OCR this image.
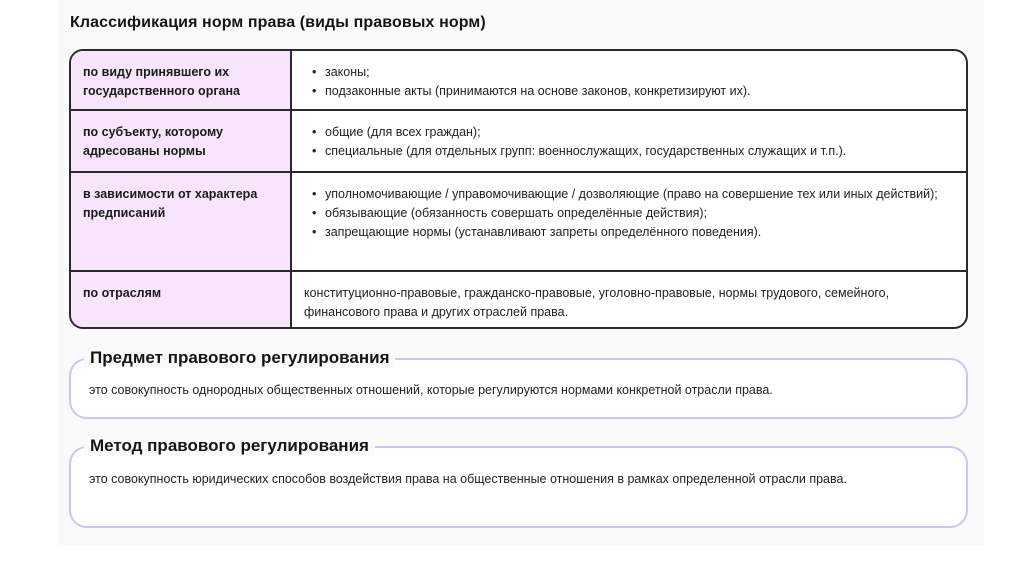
Классификация норм права (виды правовых норм)
по виду принявшего их государственного органа
• законы;
• подзаконные акты (принимаются на основе законов, конкретизируют их).
по субъекту, которому адресованы нормы
• общие (для всех граждан);
• специальные (для отдельных групп: военнослужащих, государственных служащих и т.п.).
в зависимости от характера предписаний
• уполномочивающие / управомочивающие / дозволяющие (право на совершение тех или иных действий);
• обязывающие (обязанность совершать определённые действия);
• запрещающие нормы (устанавливают запреты определённого поведения).
по отраслям	конституционно-правовые, гражданско-правовые, уголовно-правовые, нормы трудового, семейного, финансового права и других отраслей права.

это совокупность однородных общественных отношений, которые регулируются нормами конкретной отрасли права.
Предмет правового регулирования
это совокупность юридических способов воздействия права на общественные отношения в рамках определенной отрасли права.
Метод правового регулирования
